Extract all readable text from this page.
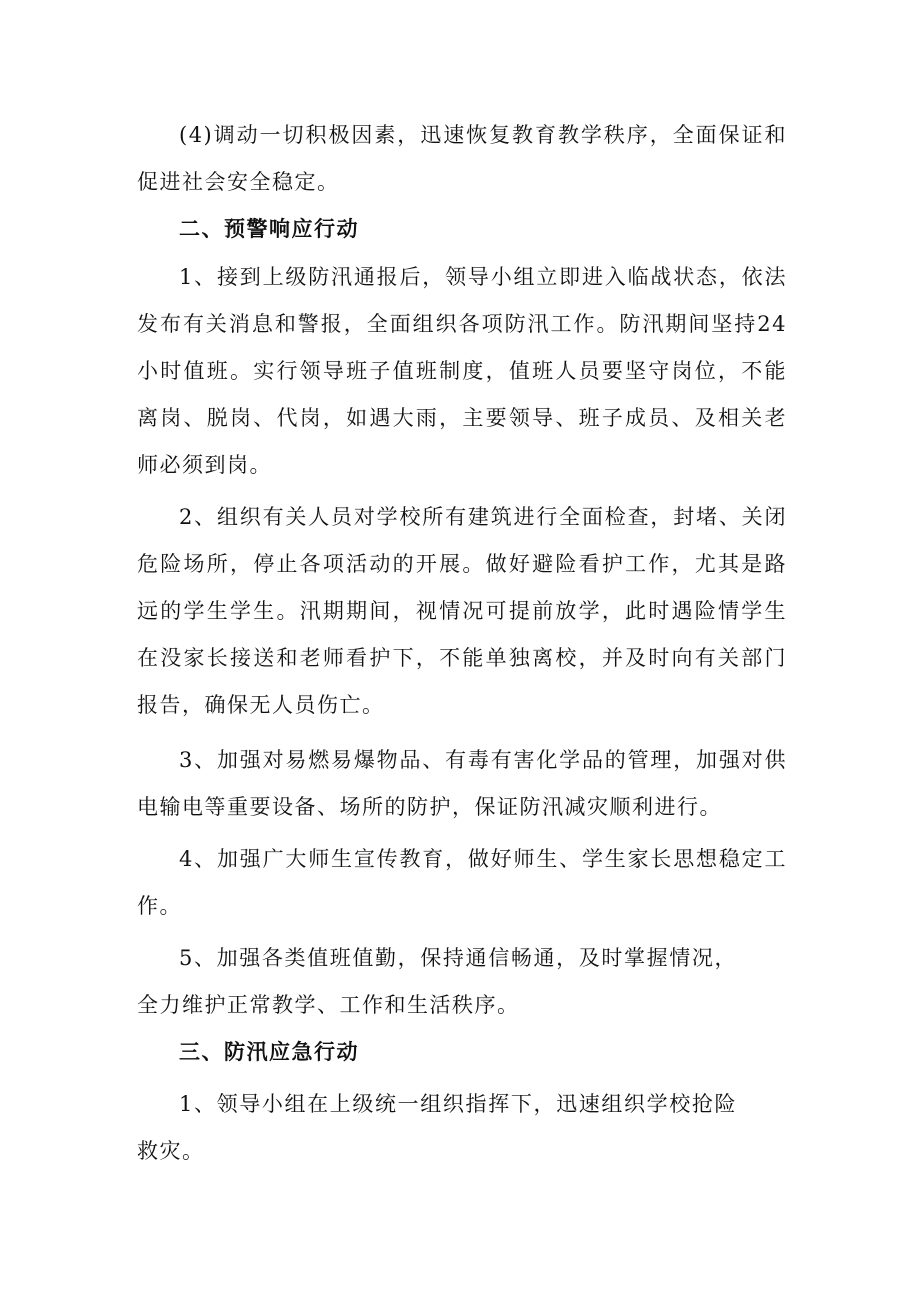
(4)调动一切积极因素，迅速恢复教育教学秩序，全面保证和促进社会安全稳定。

二、预警响应行动

1、接到上级防汛通报后，领导小组立即进入临战状态，依法发布有关消息和警报，全面组织各项防汛工作。防汛期间坚持24小时值班。实行领导班子值班制度，值班人员要坚守岗位，不能离岗、脱岗、代岗，如遇大雨，主要领导、班子成员、及相关老师必须到岗。

2、组织有关人员对学校所有建筑进行全面检查，封堵、关闭危险场所，停止各项活动的开展。做好避险看护工作，尤其是路远的学生学生。汛期期间，视情况可提前放学，此时遇险情学生在没家长接送和老师看护下，不能单独离校，并及时向有关部门报告，确保无人员伤亡。

3、加强对易燃易爆物品、有毒有害化学品的管理，加强对供电输电等重要设备、场所的防护，保证防汛减灾顺利进行。

4、加强广大师生宣传教育，做好师生、学生家长思想稳定工作。

5、加强各类值班值勤，保持通信畅通，及时掌握情况，全力维护正常教学、工作和生活秩序。

三、防汛应急行动

1、领导小组在上级统一组织指挥下，迅速组织学校抢险救灾。
